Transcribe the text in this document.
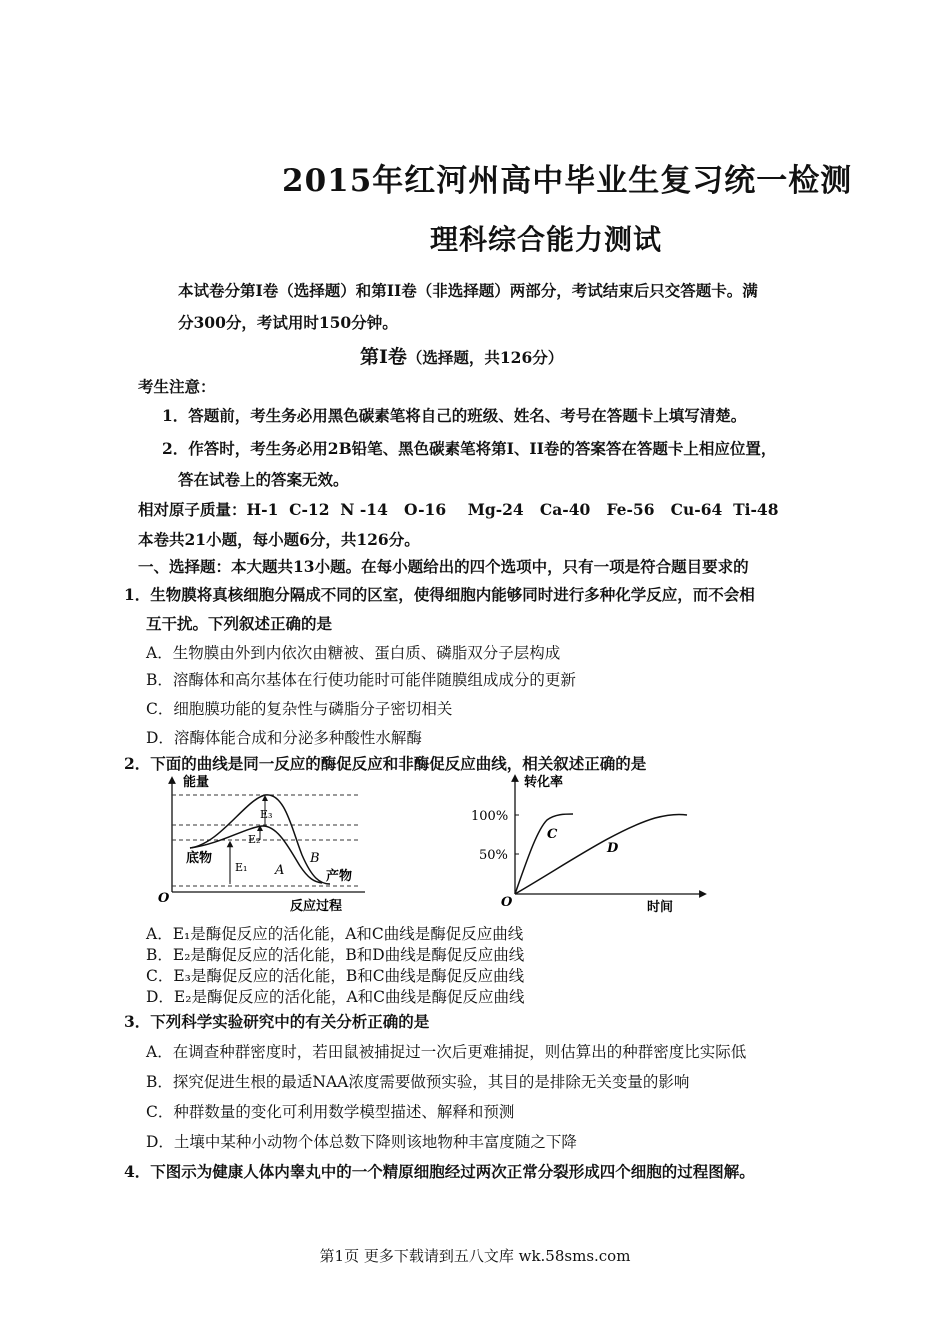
2015年红河州高中毕业生复习统一检测
理科综合能力测试
本试卷分第I卷（选择题）和第II卷（非选择题）两部分，考试结束后只交答题卡。满
分300分，考试用时150分钟。
第Ⅰ卷（选择题，共126分）
考生注意：
1．答题前，考生务必用黑色碳素笔将自己的班级、姓名、考号在答题卡上填写清楚。
2．作答时，考生务必用2B铅笔、黑色碳素笔将第I、II卷的答案答在答题卡上相应位置，
答在试卷上的答案无效。
相对原子质量：H-1  C-12  N -14   O-16    Mg-24   Ca-40   Fe-56   Cu-64  Ti-48
本卷共21小题，每小题6分，共126分。
一、选择题：本大题共13小题。在每小题给出的四个选项中，只有一项是符合题目要求的
1．生物膜将真核细胞分隔成不同的区室，使得细胞内能够同时进行多种化学反应，而不会相
互干扰。下列叙述正确的是
A．生物膜由外到内依次由糖被、蛋白质、磷脂双分子层构成
B．溶酶体和高尔基体在行使功能时可能伴随膜组成成分的更新
C．细胞膜功能的复杂性与磷脂分子密切相关
D．溶酶体能合成和分泌多种酸性水解酶
2．下面的曲线是同一反应的酶促反应和非酶促反应曲线，相关叙述正确的是
能量
E₃
E₂
E₁
底物
A
B
产物
O
反应过程
转化率
100%
50%
C
D
O	时间
A．E₁是酶促反应的活化能，A和C曲线是酶促反应曲线
B．E₂是酶促反应的活化能，B和D曲线是酶促反应曲线
C．E₃是酶促反应的活化能，B和C曲线是酶促反应曲线
D．E₂是酶促反应的活化能，A和C曲线是酶促反应曲线
3．下列科学实验研究中的有关分析正确的是
A．在调查种群密度时，若田鼠被捕捉过一次后更难捕捉，则估算出的种群密度比实际低
B．探究促进生根的最适NAA浓度需要做预实验，其目的是排除无关变量的影响
C．种群数量的变化可利用数学模型描述、解释和预测
D．土壤中某种小动物个体总数下降则该地物种丰富度随之下降
4．下图示为健康人体内睾丸中的一个精原细胞经过两次正常分裂形成四个细胞的过程图解。
第1页 更多下载请到五八文库 wk.58sms.com
